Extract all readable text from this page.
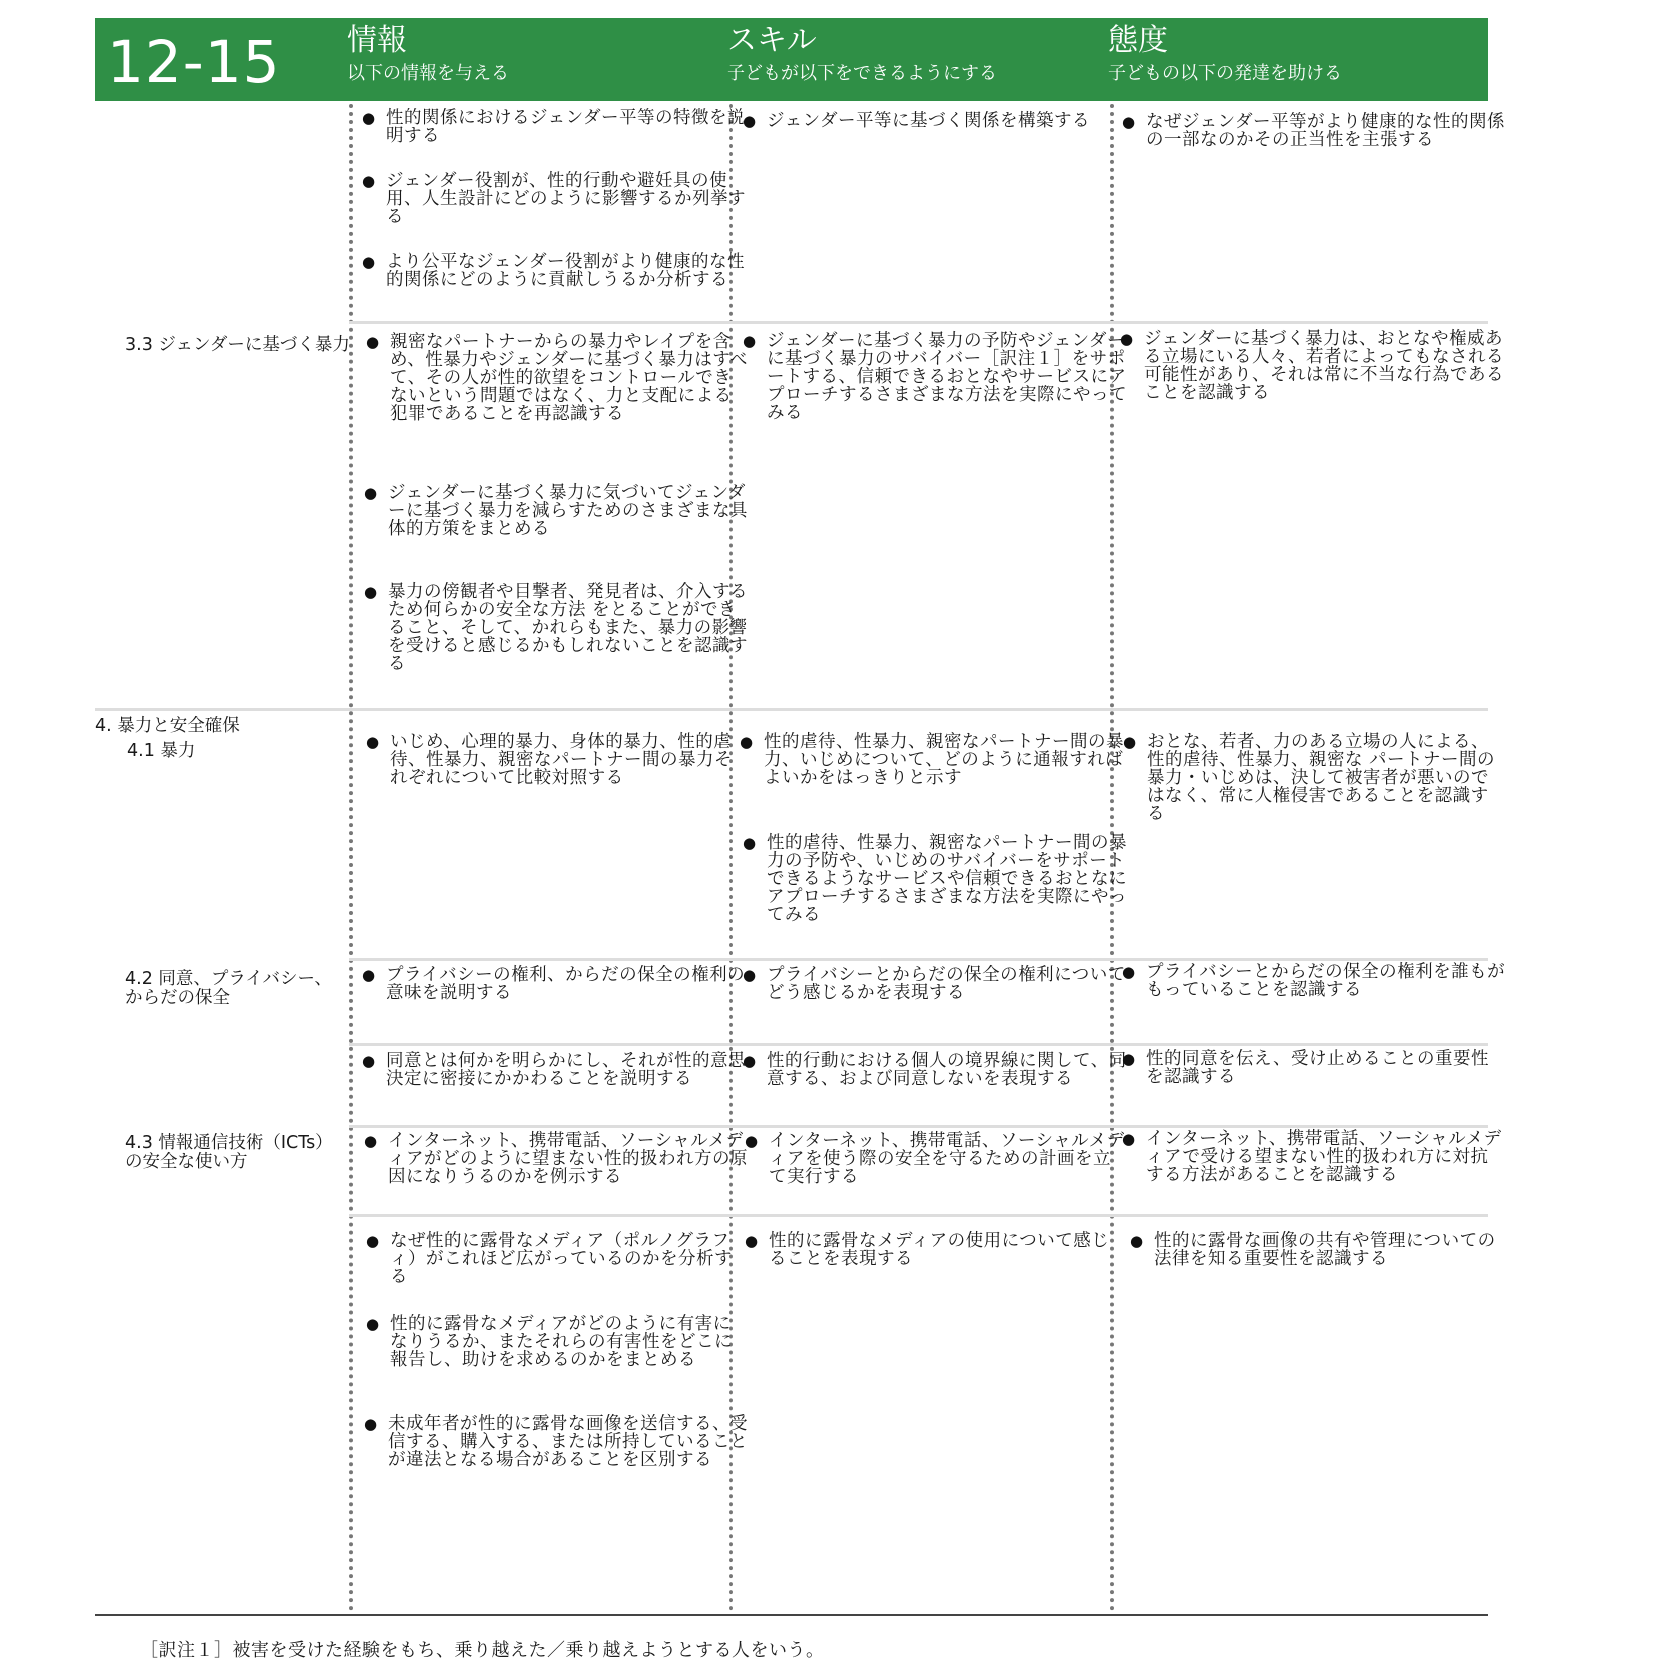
12-15 情報
以下の情報を与える
スキル
子どもが以下をできるようにする
態度
子どもの以下の発達を助ける
3.3 ジェンダーに基づく暴力
4. 暴力と安全確保
4.1 暴力
4.2 同意、プライバシー、からだの保全
4.3 情報通信技術（ICTs）の安全な使い方
● 性的関係におけるジェンダー平等の特徴を説明する
● ジェンダー役割が、性的行動や避妊具の使用、人生設計にどのように影響するか列挙する
● より公平なジェンダー役割がより健康的な性的関係にどのように貢献しうるか分析する
● 親密なパートナーからの暴力やレイプを含め、性暴力やジェンダーに基づく暴力はすべて、その人が性的欲望をコントロールできないという問題ではなく、力と支配による犯罪であることを再認識する
● ジェンダーに基づく暴力に気づいてジェンダーに基づく暴力を減らすためのさまざまな具体的方策をまとめる
● 暴力の傍観者や目撃者、発見者は、介入するため何らかの安全な方法 をとることができること、そして、かれらもまた、暴力の影響を受けると感じるかもしれないことを認識する
● いじめ、心理的暴力、身体的暴力、性的虐待、性暴力、親密なパートナー間の暴力それぞれについて比較対照する
● プライバシーの権利、からだの保全の権利の意味を説明する
● 同意とは何かを明らかにし、それが性的意思決定に密接にかかわることを説明する
● インターネット、携帯電話、ソーシャルメディアがどのように望まない性的扱われ方の原因になりうるのかを例示する
● なぜ性的に露骨なメディア（ポルノグラフィ）がこれほど広がっているのかを分析する
● 性的に露骨なメディアがどのように有害になりうるか、またそれらの有害性をどこに報告し、助けを求めるのかをまとめる
● 未成年者が性的に露骨な画像を送信する、受信する、購入する、または所持していることが違法となる場合があることを区別する
● ジェンダー平等に基づく関係を構築する
● ジェンダーに基づく暴力の予防やジェンダーに基づく暴力のサバイバー［訳注１］をサポートする、信頼できるおとなやサービスにアプローチするさまざまな方法を実際にやってみる
● 性的虐待、性暴力、親密なパートナー間の暴力、いじめについて、どのように通報すればよいかをはっきりと示す
● 性的虐待、性暴力、親密なパートナー間の暴力の予防や、いじめのサバイバーをサポートできるようなサービスや信頼できるおとなにアプローチするさまざまな方法を実際にやってみる
● プライバシーとからだの保全の権利についてどう感じるかを表現する
● 性的行動における個人の境界線に関して、同意する、および同意しないを表現する
● インターネット、携帯電話、ソーシャルメディアを使う際の安全を守るための計画を立て実行する
● 性的に露骨なメディアの使用について感じることを表現する
● なぜジェンダー平等がより健康的な性的関係の一部なのかその正当性を主張する
● ジェンダーに基づく暴力は、おとなや権威ある立場にいる人々、若者によってもなされる可能性があり、それは常に不当な行為であることを認識する
● おとな、若者、力のある立場の人による、性的虐待、性暴力、親密な パートナー間の暴力・いじめは、決して被害者が悪いのではなく、常に人権侵害であることを認識する
● プライバシーとからだの保全の権利を誰もがもっていることを認識する
● 性的同意を伝え、受け止めることの重要性を認識する
● インターネット、携帯電話、ソーシャルメディアで受ける望まない性的扱われ方に対抗する方法があることを認識する
● 性的に露骨な画像の共有や管理についての法律を知る重要性を認識する
［訳注１］被害を受けた経験をもち、乗り越えた／乗り越えようとする人をいう。
